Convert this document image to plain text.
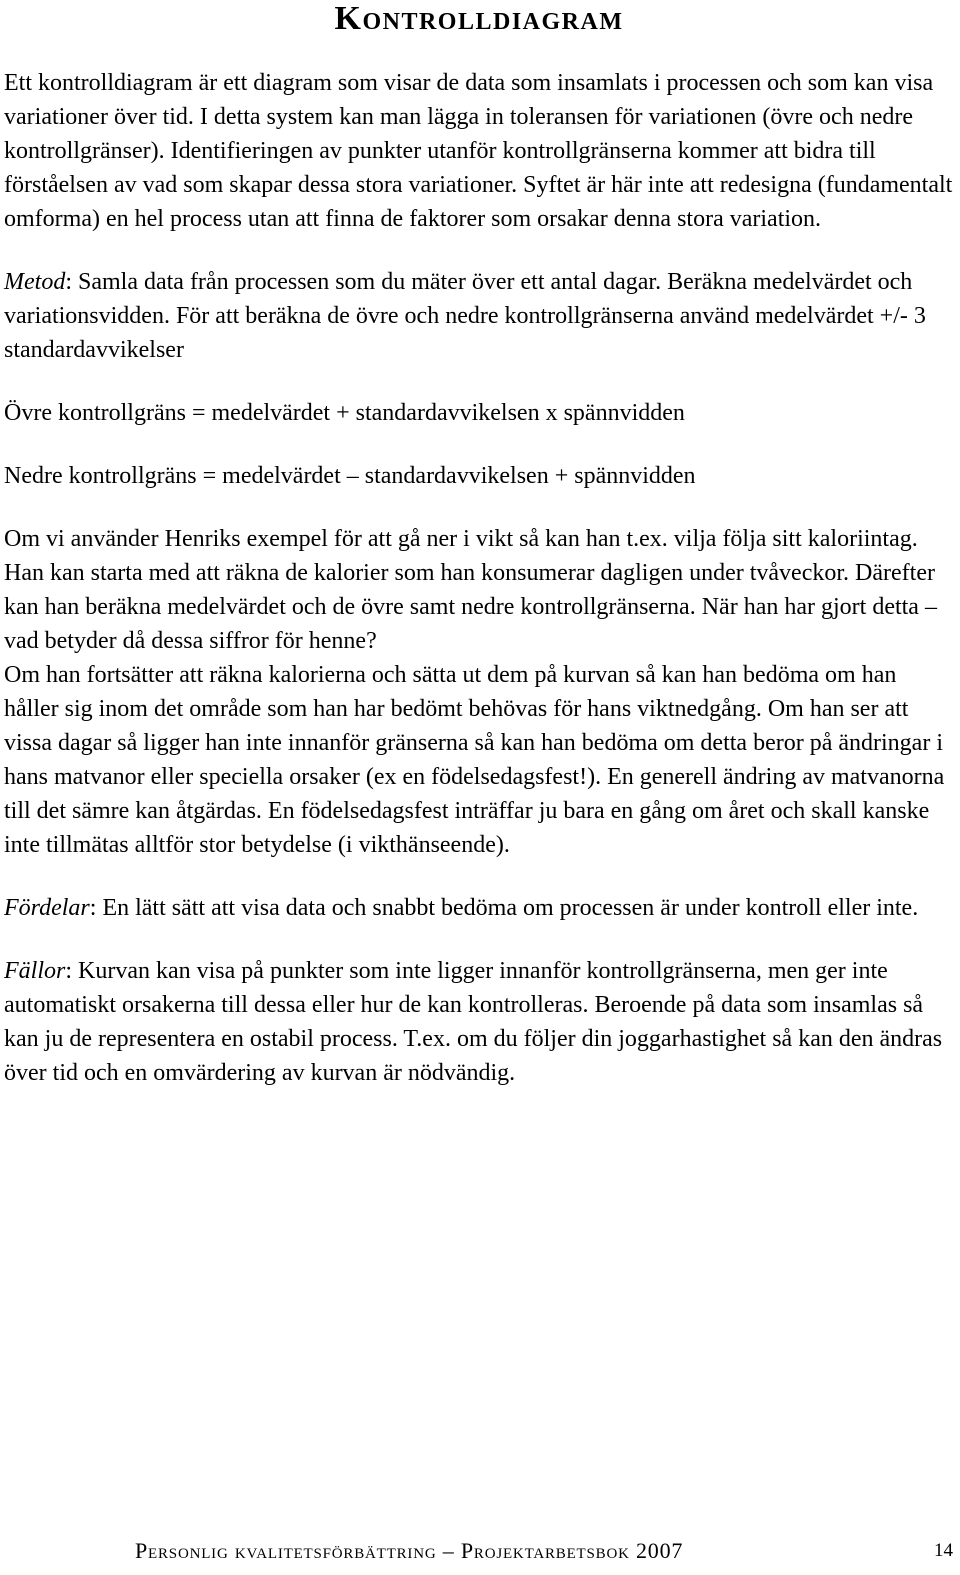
Kontrolldiagram

Ett kontrolldiagram är ett diagram som visar de data som insamlats i processen och som kan visa variationer över tid. I detta system kan man lägga in toleransen för variationen (övre och nedre kontrollgränser). Identifieringen av punkter utanför kontrollgränserna kommer att bidra till förståelsen av vad som skapar dessa stora variationer. Syftet är här inte att redesigna (fundamentalt omforma) en hel process utan att finna de faktorer som orsakar denna stora variation.

Metod: Samla data från processen som du mäter över ett antal dagar. Beräkna medelvärdet och variationsvidden. För att beräkna de övre och nedre kontrollgränserna använd medelvärdet +/- 3 standardavvikelser

Övre kontrollgräns = medelvärdet + standardavvikelsen x spännvidden

Nedre kontrollgräns = medelvärdet – standardavvikelsen + spännvidden

Om vi använder Henriks exempel för att gå ner i vikt så kan han t.ex. vilja följa sitt kaloriintag. Han kan starta med att räkna de kalorier som han konsumerar dagligen under tvåveckor. Därefter kan han beräkna medelvärdet och de övre samt nedre kontrollgränserna. När han har gjort detta – vad betyder då dessa siffror för henne?

Om han fortsätter att räkna kalorierna och sätta ut dem på kurvan så kan han bedöma om han håller sig inom det område som han har bedömt behövas för hans viktnedgång. Om han ser att vissa dagar så ligger han inte innanför gränserna så kan han bedöma om detta beror på ändringar i hans matvanor eller speciella orsaker (ex en födelsedagsfest!). En generell ändring av matvanorna till det sämre kan åtgärdas. En födelsedagsfest inträffar ju bara en gång om året och skall kanske inte tillmätas alltför stor betydelse (i vikthänseende).

Fördelar: En lätt sätt att visa data och snabbt bedöma om processen är under kontroll eller inte.

Fällor: Kurvan kan visa på punkter som inte ligger innanför kontrollgränserna, men ger inte automatiskt orsakerna till dessa eller hur de kan kontrolleras. Beroende på data som insamlas så kan ju de representera en ostabil process. T.ex. om du följer din joggarhastighet så kan den ändras över tid och en omvärdering av kurvan är nödvändig.

Personlig kvalitetsförbättring – Projektarbetsbok 2007	14
